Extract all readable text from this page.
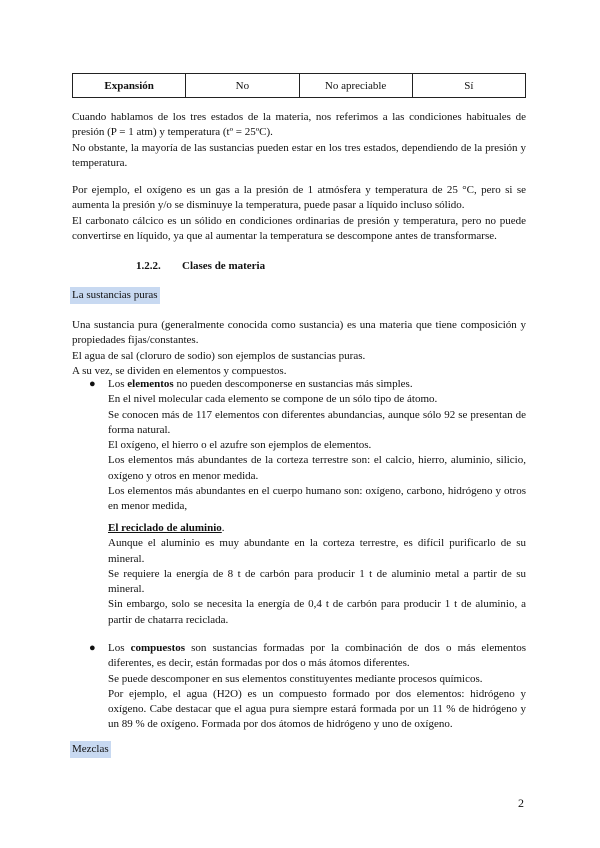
Expansión	No	No apreciable	Sí

Cuando hablamos de los tres estados de la materia, nos referimos a las condiciones habituales de

presión (P = 1 atm) y temperatura (tº = 25ºC).

No obstante, la mayoría de las sustancias pueden estar en los tres estados, dependiendo de la presión y

temperatura.

Por ejemplo, el oxígeno es un gas a la presión de 1 atmósfera y temperatura de 25 °C, pero si se

aumenta la presión y/o se disminuye la temperatura, puede pasar a líquido incluso sólido.

El carbonato cálcico es un sólido en condiciones ordinarias de presión y temperatura, pero no puede

convertirse en líquido, ya que al aumentar la temperatura se descompone antes de transformarse.

1.2.2. Clases de materia
La sustancias puras

Una sustancia pura (generalmente conocida como sustancia) es una materia que tiene composición y

propiedades fijas/constantes.

El agua de sal (cloruro de sodio) son ejemplos de sustancias puras.

A su vez, se dividen en elementos y compuestos.

● Los elementos no pueden descomponerse en sustancias más simples.

En el nivel molecular cada elemento se compone de un sólo tipo de átomo.

Se conocen más de 117 elementos con diferentes abundancias, aunque sólo 92 se presentan de

forma natural.

El oxígeno, el hierro o el azufre son ejemplos de elementos.

Los elementos más abundantes de la corteza terrestre son: el calcio, hierro, aluminio, silicio,

oxígeno y otros en menor medida.

Los elementos más abundantes en el cuerpo humano son: oxígeno, carbono, hidrógeno y otros

en menor medida,

El reciclado de aluminio.

Aunque el aluminio es muy abundante en la corteza terrestre, es difícil purificarlo de su

mineral.

Se requiere la energía de 8 t de carbón para producir 1 t de aluminio metal a partir de su

mineral.

Sin embargo, solo se necesita la energía de 0,4 t de carbón para producir 1 t de aluminio, a

partir de chatarra reciclada.

● Los compuestos son sustancias formadas por la combinación de dos o más elementos

diferentes, es decir, están formadas por dos o más átomos diferentes.

Se puede descomponer en sus elementos constituyentes mediante procesos químicos.

Por ejemplo, el agua (H2O) es un compuesto formado por dos elementos: hidrógeno y

oxígeno. Cabe destacar que el agua pura siempre estará formada por un 11 % de hidrógeno y

un 89 % de oxígeno. Formada por dos átomos de hidrógeno y uno de oxígeno.

Mezclas
2
